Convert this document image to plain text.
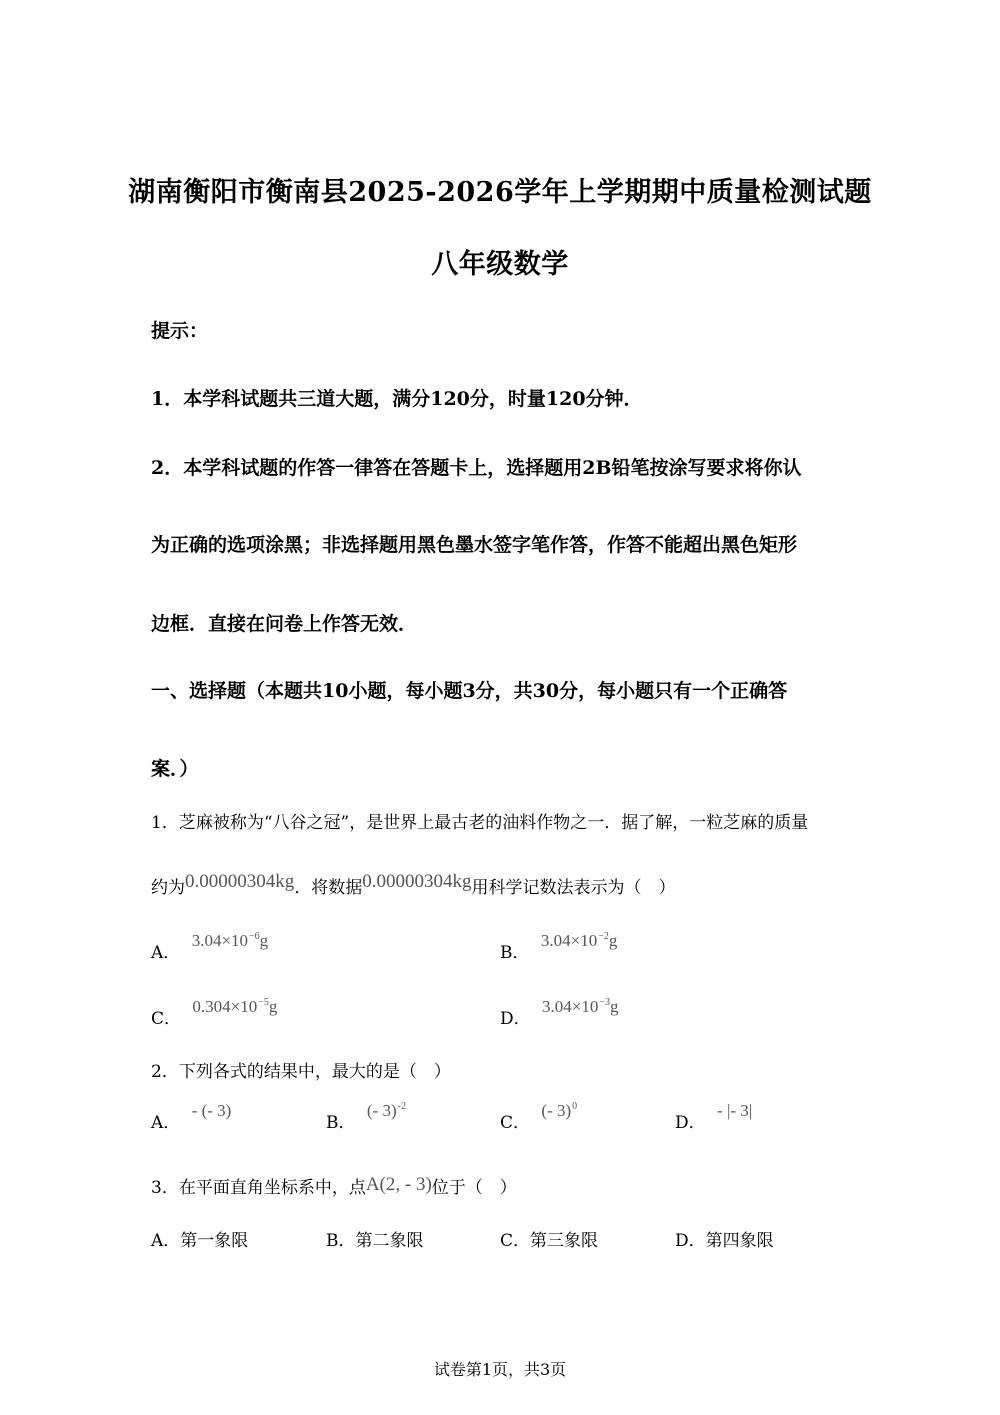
湖南衡阳市衡南县2025-2026学年上学期期中质量检测试题
八年级数学
提示：
1．本学科试题共三道大题，满分120分，时量120分钟．
2．本学科试题的作答一律答在答题卡上，选择题用2B铅笔按涂写要求将你认
为正确的选项涂黑；非选择题用黑色墨水签字笔作答，作答不能超出黑色矩形
边框．直接在问卷上作答无效．
一、选择题（本题共10小题，每小题3分，共30分，每小题只有一个正确答
案．）
1．芝麻被称为“八谷之冠”，是世界上最古老的油料作物之一．据了解，一粒芝麻的质量
约为0.00000304kg．将数据0.00000304kg用科学记数法表示为（　）
A． $3.04\times 10^{-6}g$
B． $3.04\times 10^{-2}g$
C． $0.304\times 10^{-5}g$
D． $3.04\times 10^{-3}g$
2．下列各式的结果中，最大的是（　）
A． - (- 3)
B． (- 3)$^{-2}$
C． (- 3)$^0$
D． - |- 3|
3．在平面直角坐标系中，点A(2, - 3)位于（　）
A．第一象限	B．第二象限	C．第三象限	D．第四象限
试卷第1页，共3页
